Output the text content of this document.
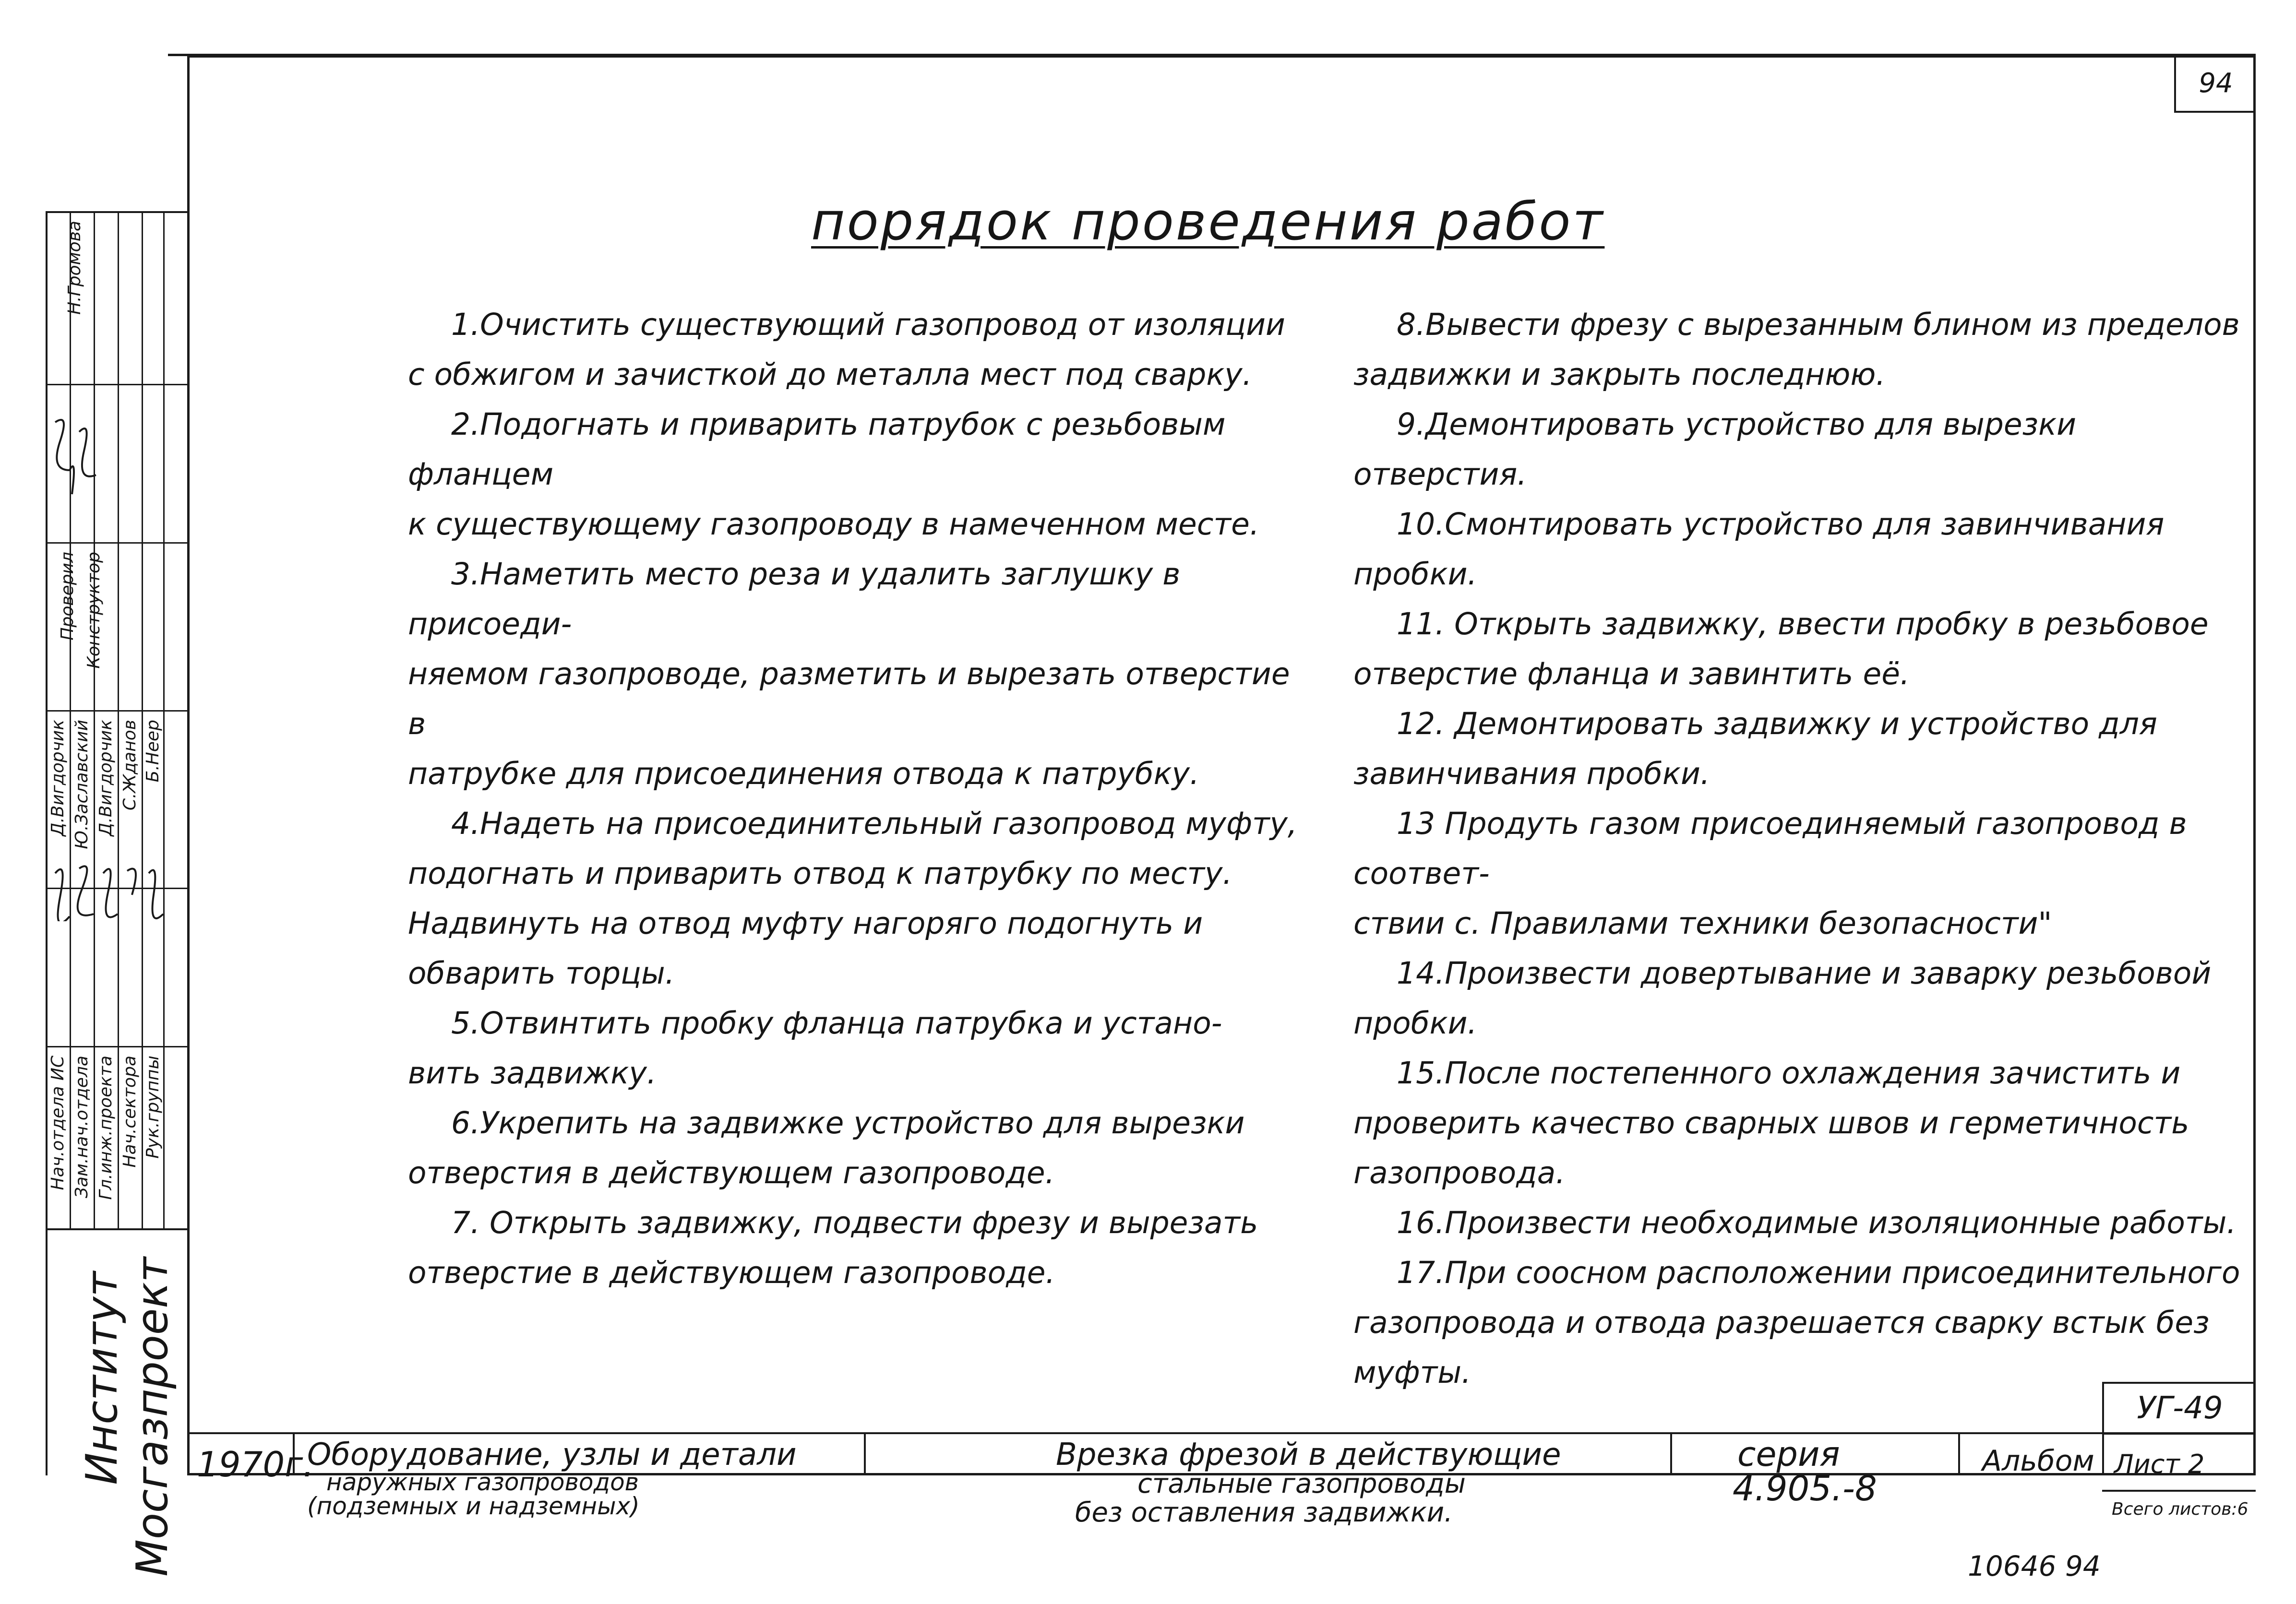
94
порядок проведения работ

1.Очистить существующий газопровод от изоляции

с обжигом и зачисткой до металла мест под сварку.

2.Подогнать и приварить патрубок с резьбовым фланцем

к существующему газопроводу в намеченном месте.

3.Наметить место реза и удалить заглушку в присоеди-

няемом газопроводе, разметить и вырезать отверстие в

патрубке для присоединения отвода к патрубку.

4.Надеть на присоединительный газопровод муфту,

подогнать и приварить отвод к патрубку по месту.

Надвинуть на отвод муфту нагоряго подогнуть и

обварить торцы.

5.Отвинтить пробку фланца патрубка и устано-

вить задвижку.

6.Укрепить на задвижке устройство для вырезки

отверстия в действующем газопроводе.

7. Открыть задвижку, подвести фрезу и вырезать

отверстие в действующем газопроводе.

8.Вывести фрезу с вырезанным блином из пределов

задвижки и закрыть последнюю.

9.Демонтировать устройство для вырезки отверстия.

10.Смонтировать устройство для завинчивания пробки.

11. Открыть задвижку, ввести пробку в резьбовое

отверстие фланца и завинтить её.

12. Демонтировать задвижку и устройство для

завинчивания пробки.

13 Продуть газом присоединяемый газопровод в соответ-

ствии с. Правилами техники безопасности"

14.Произвести довертывание и заварку резьбовой пробки.

15.После постепенного охлаждения зачистить и

проверить качество сварных швов и герметичность

газопровода.

16.Произвести необходимые изоляционные работы.

17.При соосном расположении присоединительного

газопровода и отвода разрешается сварку встык без

муфты.

Нач.отдела ИС Зам.нач.отдела Гл.инж.проекта Нач.сектора Рук.группы
Д.Вигдорчик Ю.Заславский Д.Вигдорчик С.Жданов Б.Неер
Проверил Конструктор
Н.Громова
Институт Мосгазпроект 1970г.
Оборудование, узлы и детали
наружных газопроводов
(подземных и надземных)
Врезка фрезой в действующие
стальные газопроводы
без оставления задвижки.
серия
4.905.-8
Альбом Лист 2
Всего листов:6
УГ-49
10646 94
